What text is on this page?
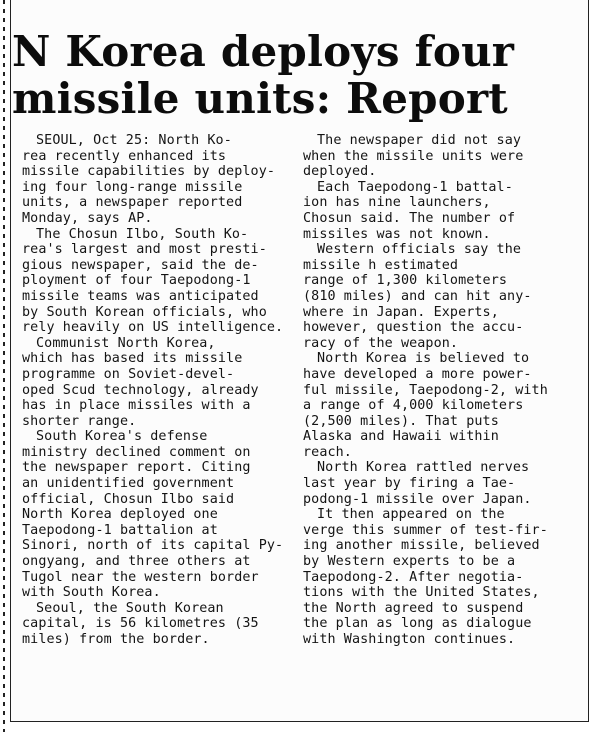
N Korea deploys four missile units: Report

SEOUL, Oct 25: North Ko-
rea recently enhanced its
missile capabilities by deploy-
ing four long-range missile
units, a newspaper reported
Monday, says AP.

The Chosun Ilbo, South Ko-
rea's largest and most presti-
gious newspaper, said the de-
ployment of four Taepodong-1
missile teams was anticipated
by South Korean officials, who
rely heavily on US intelligence.

Communist North Korea,
which has based its missile
programme on Soviet-devel-
oped Scud technology, already
has in place missiles with a
shorter range.

South Korea's defense
ministry declined comment on
the newspaper report. Citing
an unidentified government
official, Chosun Ilbo said
North Korea deployed one
Taepodong-1 battalion at
Sinori, north of its capital Py-
ongyang, and three others at
Tugol near the western border
with South Korea.

Seoul, the South Korean
capital, is 56 kilometres (35
miles) from the border.

The newspaper did not say
when the missile units were
deployed.

Each Taepodong-1 battal-
ion has nine launchers,
Chosun said. The number of
missiles was not known.

Western officials say the
missile h estimated
range of 1,300 kilometers
(810 miles) and can hit any-
where in Japan. Experts,
however, question the accu-
racy of the weapon.

North Korea is believed to
have developed a more power-
ful missile, Taepodong-2, with
a range of 4,000 kilometers
(2,500 miles). That puts
Alaska and Hawaii within
reach.

North Korea rattled nerves
last year by firing a Tae-
podong-1 missile over Japan.

It then appeared on the
verge this summer of test-fir-
ing another missile, believed
by Western experts to be a
Taepodong-2. After negotia-
tions with the United States,
the North agreed to suspend
the plan as long as dialogue
with Washington continues.
